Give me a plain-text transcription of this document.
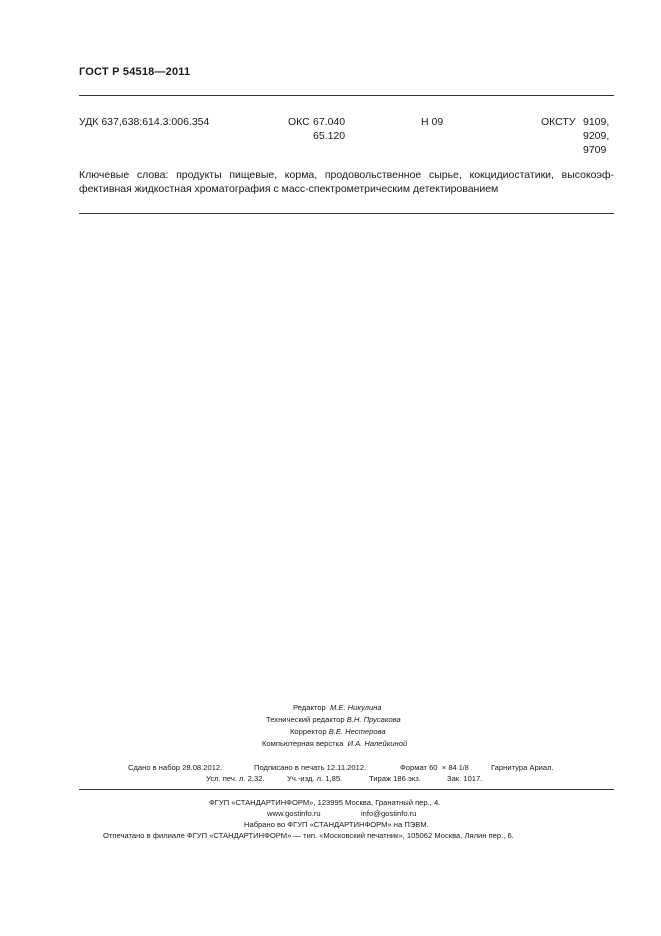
ГОСТ Р 54518—2011
УДК 637,638:614.3:006.354	ОКС 67.040
65.120
Н 09	ОКСТУ 9109,
9209,
9709

Ключевые слова: продукты пищевые, корма, продовольственное сырье, кокцидиостатики, высокоэф-

фективная жидкостная хроматография с масс-спектрометрическим детектированием

Редактор М.Е. Никулина
Технический редактор В.Н. Прусакова
Корректор В.Е. Нестерова
Компьютерная верстка И.А. Налейкиной
Сдано в набор 28.08.2012.	Подписано в печать 12.11.2012.	Формат 60 × 84 1/8	Гарнитура Ариал.
Усл. печ. л. 2,32.	Уч.-изд. л. 1,85.	Тираж 186 экз.	Зак. 1017.
ФГУП «СТАНДАРТИНФОРМ», 123995 Москва, Гранатный пер., 4.
www.gostinfo.ru	info@gostinfo.ru
Набрано во ФГУП «СТАНДАРТИНФОРМ» на ПЭВМ.
Отпечатано в филиале ФГУП «СТАНДАРТИНФОРМ» — тип. «Московский печатник», 105062 Москва, Лялин пер., 6.
